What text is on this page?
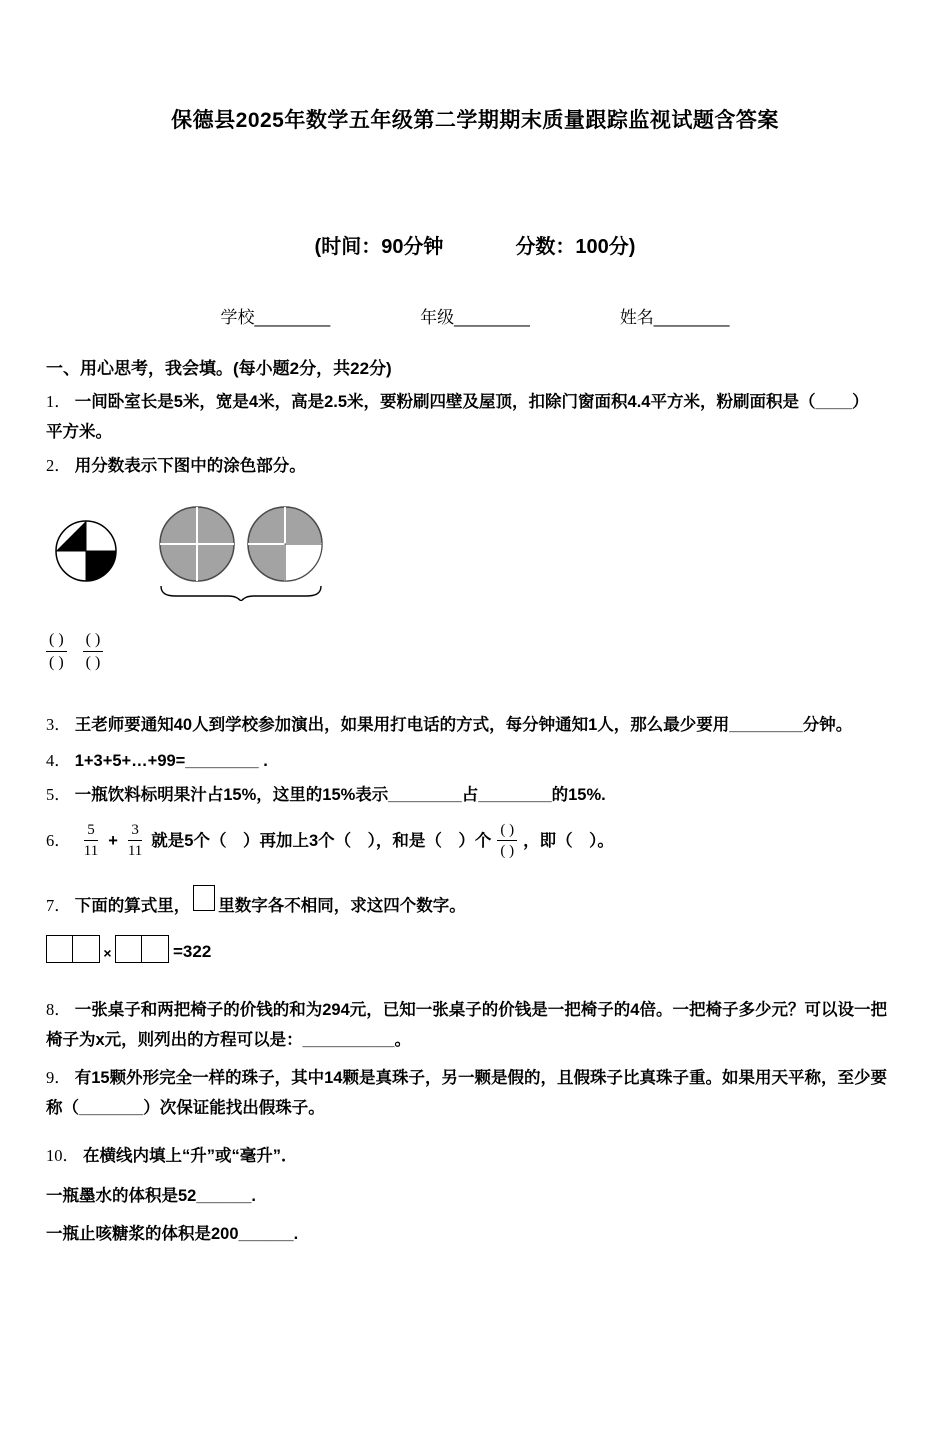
保德县2025年数学五年级第二学期期末质量跟踪监视试题含答案
(时间：90分钟	分数：100分)
学校________	年级________	姓名________
一、用心思考，我会填。(每小题2分，共22分)
1． 一间卧室长是5米，宽是4米，高是2.5米，要粉刷四壁及屋顶，扣除门窗面积4.4平方米，粉刷面积是（____）
平方米。
2． 用分数表示下图中的涂色部分。
$\frac{( )}{( )} \frac{( )}{( )}$
3． 王老师要通知40人到学校参加演出，如果用打电话的方式，每分钟通知1人，那么最少要用________分钟。
4． 1+3+5+…+99=________ .
5． 一瓶饮料标明果汁占15%，这里的15%表示________占________的15%.
6． $\frac{5}{11} + \frac{3}{11}$ 就是5个（　）再加上3个（　），和是（　）个 $\frac{( )}{( )}$ ，即（　）。
7． 下面的算式里， 里数字各不相同，求这四个数字。
×	=322
8． 一张桌子和两把椅子的价钱的和为294元，已知一张桌子的价钱是一把椅子的4倍。一把椅子多少元？可以设一把
椅子为x元，则列出的方程可以是：__________。
9． 有15颗外形完全一样的珠子，其中14颗是真珠子，另一颗是假的，且假珠子比真珠子重。如果用天平称，至少要
称（_______）次保证能找出假珠子。
10． 在横线内填上“升”或“毫升”．
一瓶墨水的体积是52______.
一瓶止咳糖浆的体积是200______.
